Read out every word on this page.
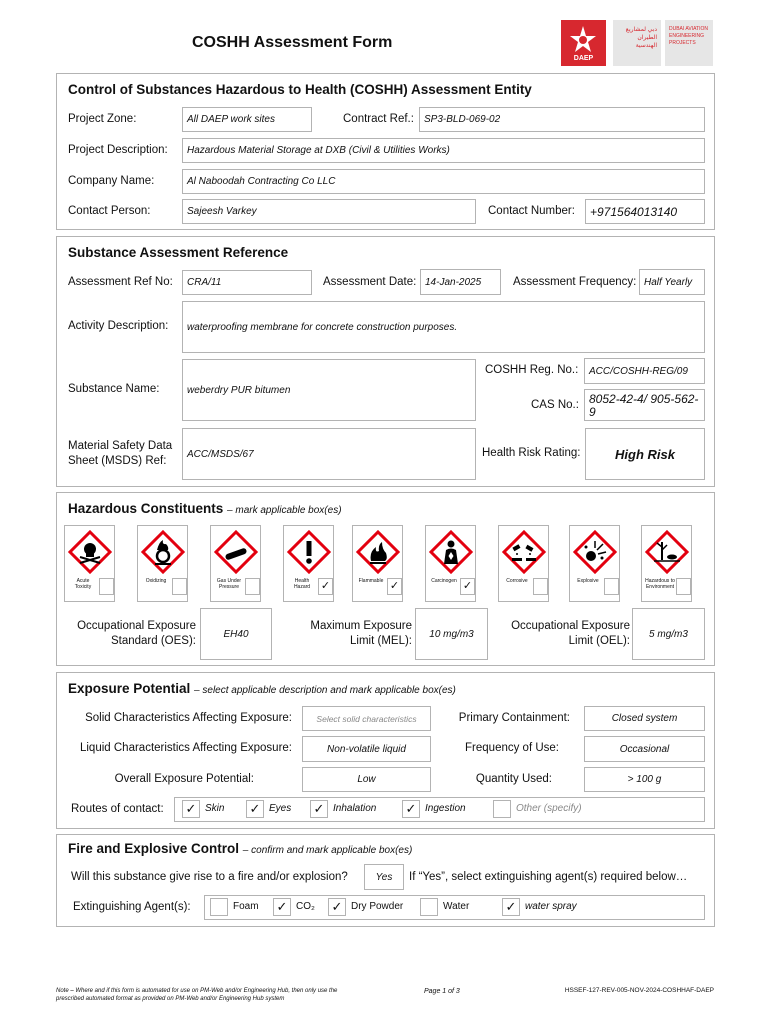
COSHH Assessment Form
DAEP
دبي لمشاريع الطيران الهندسية
DUBAI AVIATION ENGINEERING PROJECTS
Control of Substances Hazardous to Health (COSHH) Assessment Entity
Project Zone:	All DAEP work sites	Contract Ref.:	SP3-BLD-069-02
Project Description:	Hazardous Material Storage at DXB (Civil & Utilities Works)
Company Name:	Al Naboodah Contracting Co LLC
Contact Person:	Sajeesh Varkey	Contact Number:	+971564013140
Substance Assessment Reference
Assessment Ref No:	CRA/11	Assessment Date: 14-Jan-2025	Assessment Frequency: Half Yearly
Activity Description:	waterproofing membrane for concrete construction purposes.
weberdry PUR bitumen
Substance Name:
COSHH Reg. No.:	ACC/COSHH-REG/09
CAS No.: 8052-42-4/ 905-562-9
Material Safety Data
Sheet (MSDS) Ref:
ACC/MSDS/67	Health Risk Rating:	High Risk
Hazardous Constituents – mark applicable box(es)
Acute Toxicity
Oxidizing	Gas Under Pressure
Health Hazard ✓	Flammable ✓	Carcinogen ✓	Corrosive	Explosive	Hazardous to Environment
Occupational Exposure
Standard (OES):
EH40
Maximum Exposure
Limit (MEL):
10 mg/m3
Occupational Exposure
Limit (OEL):
5 mg/m3
Exposure Potential – select applicable description and mark applicable box(es)
Solid Characteristics Affecting Exposure:	Select solid characteristics	Primary Containment:	Closed system
Liquid Characteristics Affecting Exposure:	Non-volatile liquid	Frequency of Use:	Occasional
Overall Exposure Potential:	Low	Quantity Used:	> 100 g
Routes of contact: ✓ Skin ✓ Eyes ✓ Inhalation ✓ Ingestion	Other (specify)
Fire and Explosive Control – confirm and mark applicable box(es)
Will this substance give rise to a fire and/or explosion?	Yes	If “Yes”, select extinguishing agent(s) required below…
Extinguishing Agent(s):	Foam ✓ CO₂ ✓ Dry Powder	Water	✓ water spray
Note – Where and if this form is automated for use on PM-Web and/or Engineering Hub, then only use the
prescribed automated format as provided on PM-Web and/or Engineering Hub system
Page 1 of 3	HSSEF-127-REV-005-NOV-2024-COSHHAF-DAEP
